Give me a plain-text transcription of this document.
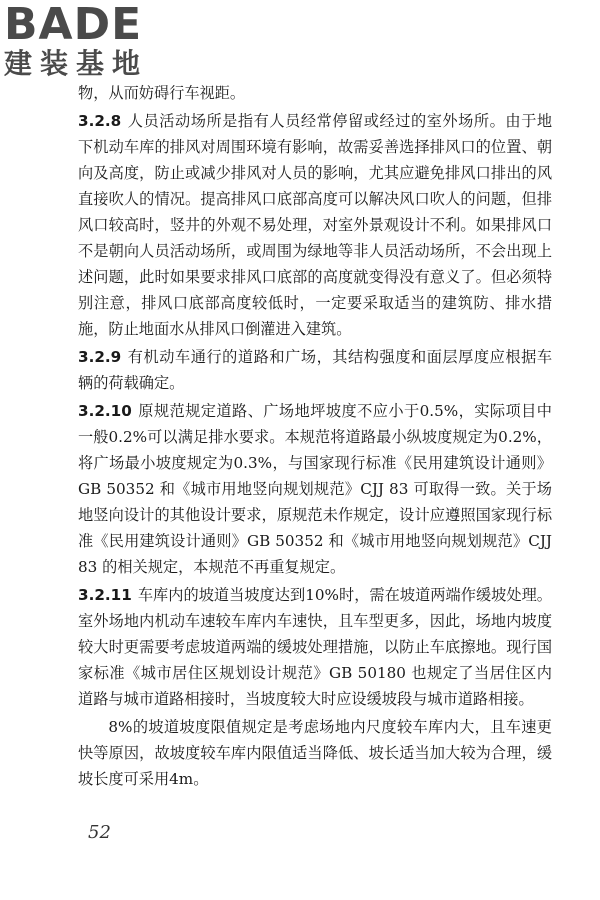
BADE
建装基地

物，从而妨碍行车视距。

3.2.8 人员活动场所是指有人员经常停留或经过的室外场所。由于地下机动车库的排风对周围环境有影响，故需妥善选择排风口的位置、朝向及高度，防止或减少排风对人员的影响，尤其应避免排风口排出的风直接吹人的情况。提高排风口底部高度可以解决风口吹人的问题，但排风口较高时，竖井的外观不易处理，对室外景观设计不利。如果排风口不是朝向人员活动场所，或周围为绿地等非人员活动场所，不会出现上述问题，此时如果要求排风口底部的高度就变得没有意义了。但必须特别注意，排风口底部高度较低时，一定要采取适当的建筑防、排水措施，防止地面水从排风口倒灌进入建筑。

3.2.9 有机动车通行的道路和广场，其结构强度和面层厚度应根据车辆的荷载确定。

3.2.10 原规范规定道路、广场地坪坡度不应小于0.5%，实际项目中一般0.2%可以满足排水要求。本规范将道路最小纵坡度规定为0.2%，将广场最小坡度规定为0.3%，与国家现行标准《民用建筑设计通则》GB 50352 和《城市用地竖向规划规范》CJJ 83 可取得一致。关于场地竖向设计的其他设计要求，原规范未作规定，设计应遵照国家现行标准《民用建筑设计通则》GB 50352 和《城市用地竖向规划规范》CJJ 83 的相关规定，本规范不再重复规定。

3.2.11 车库内的坡道当坡度达到10%时，需在坡道两端作缓坡处理。室外场地内机动车速较车库内车速快，且车型更多，因此，场地内坡度较大时更需要考虑坡道两端的缓坡处理措施，以防止车底擦地。现行国家标准《城市居住区规划设计规范》GB 50180 也规定了当居住区内道路与城市道路相接时，当坡度较大时应设缓坡段与城市道路相接。

8%的坡道坡度限值规定是考虑场地内尺度较车库内大，且车速更快等原因，故坡度较车库内限值适当降低、坡长适当加大较为合理，缓坡长度可采用4m。

52
